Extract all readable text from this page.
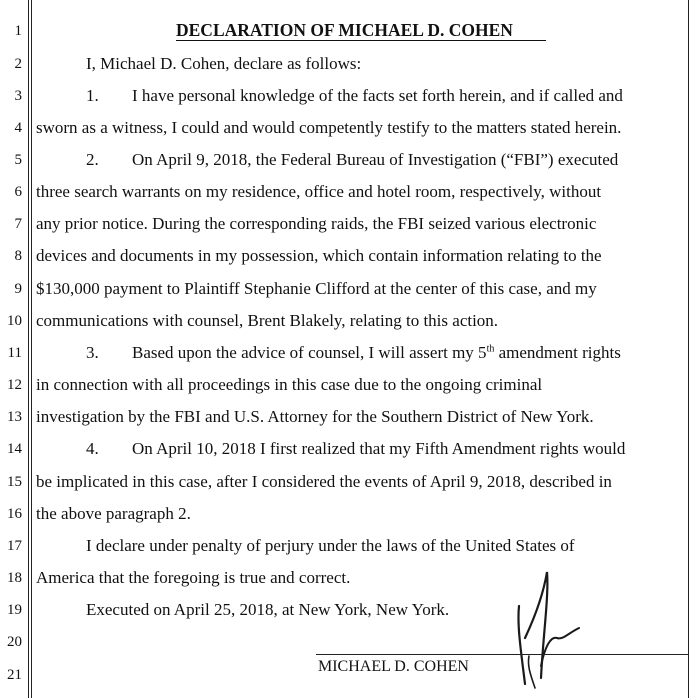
1
2
3
4
5
6
7
8
9
10
11
12
13
14
15
16
17
18
19
20
21
DECLARATION OF MICHAEL D. COHEN
I, Michael D. Cohen, declare as follows:
1. I have personal knowledge of the facts set forth herein, and if called and
sworn as a witness, I could and would competently testify to the matters stated herein.
2. On April 9, 2018, the Federal Bureau of Investigation (“FBI”) executed
three search warrants on my residence, office and hotel room, respectively, without
any prior notice. During the corresponding raids, the FBI seized various electronic
devices and documents in my possession, which contain information relating to the
$130,000 payment to Plaintiff Stephanie Clifford at the center of this case, and my
communications with counsel, Brent Blakely, relating to this action.
3. Based upon the advice of counsel, I will assert my 5th amendment rights
in connection with all proceedings in this case due to the ongoing criminal
investigation by the FBI and U.S. Attorney for the Southern District of New York.
4. On April 10, 2018 I first realized that my Fifth Amendment rights would
be implicated in this case, after I considered the events of April 9, 2018, described in
the above paragraph 2.
I declare under penalty of perjury under the laws of the United States of
America that the foregoing is true and correct.
Executed on April 25, 2018, at New York, New York.
MICHAEL D. COHEN
